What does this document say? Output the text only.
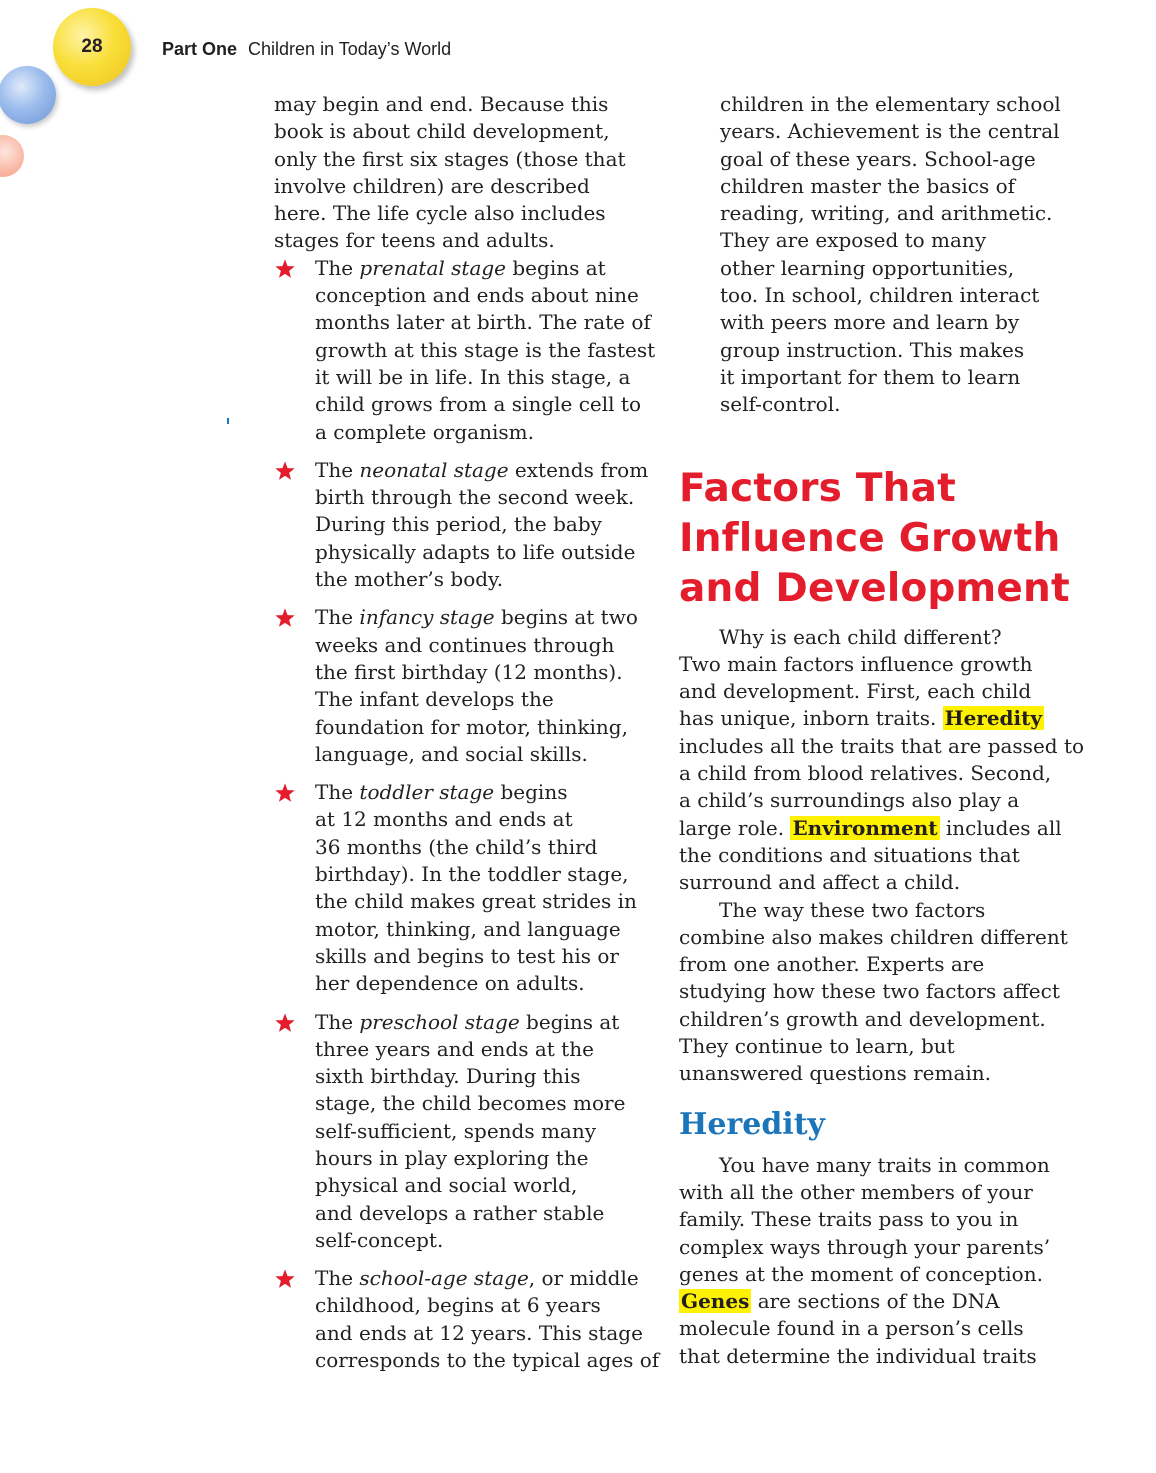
28	Part One Children in Today’s World

may begin and end. Because this
book is about child development,
only the first six stages (those that
involve children) are described
here. The life cycle also includes
stages for teens and adults.

The prenatal stage begins at
conception and ends about nine
months later at birth. The rate of
growth at this stage is the fastest
it will be in life. In this stage, a
child grows from a single cell to
a complete organism.
The neonatal stage extends from
birth through the second week.
During this period, the baby
physically adapts to life outside
the mother’s body.
The infancy stage begins at two
weeks and continues through
the first birthday (12 months).
The infant develops the
foundation for motor, thinking,
language, and social skills.
The toddler stage begins
at 12 months and ends at
36 months (the child’s third
birthday). In the toddler stage,
the child makes great strides in
motor, thinking, and language
skills and begins to test his or
her dependence on adults.
The preschool stage begins at
three years and ends at the
sixth birthday. During this
stage, the child becomes more
self-sufficient, spends many
hours in play exploring the
physical and social world,
and develops a rather stable
self-concept.
The school-age stage, or middle
childhood, begins at 6 years
and ends at 12 years. This stage
corresponds to the typical ages of

children in the elementary school
years. Achievement is the central
goal of these years. School-age
children master the basics of
reading, writing, and arithmetic.
They are exposed to many
other learning opportunities,
too. In school, children interact
with peers more and learn by
group instruction. This makes
it important for them to learn
self-control.

Factors That
Influence Growth
and Development

Why is each child different?
Two main factors influence growth
and development. First, each child
has unique, inborn traits. Heredity
includes all the traits that are passed to
a child from blood relatives. Second,
a child’s surroundings also play a
large role. Environment includes all
the conditions and situations that
surround and affect a child.

The way these two factors
combine also makes children different
from one another. Experts are
studying how these two factors affect
children’s growth and development.
They continue to learn, but
unanswered questions remain.

Heredity

You have many traits in common
with all the other members of your
family. These traits pass to you in
complex ways through your parents’
genes at the moment of conception.
Genes are sections of the DNA
molecule found in a person’s cells
that determine the individual traits
